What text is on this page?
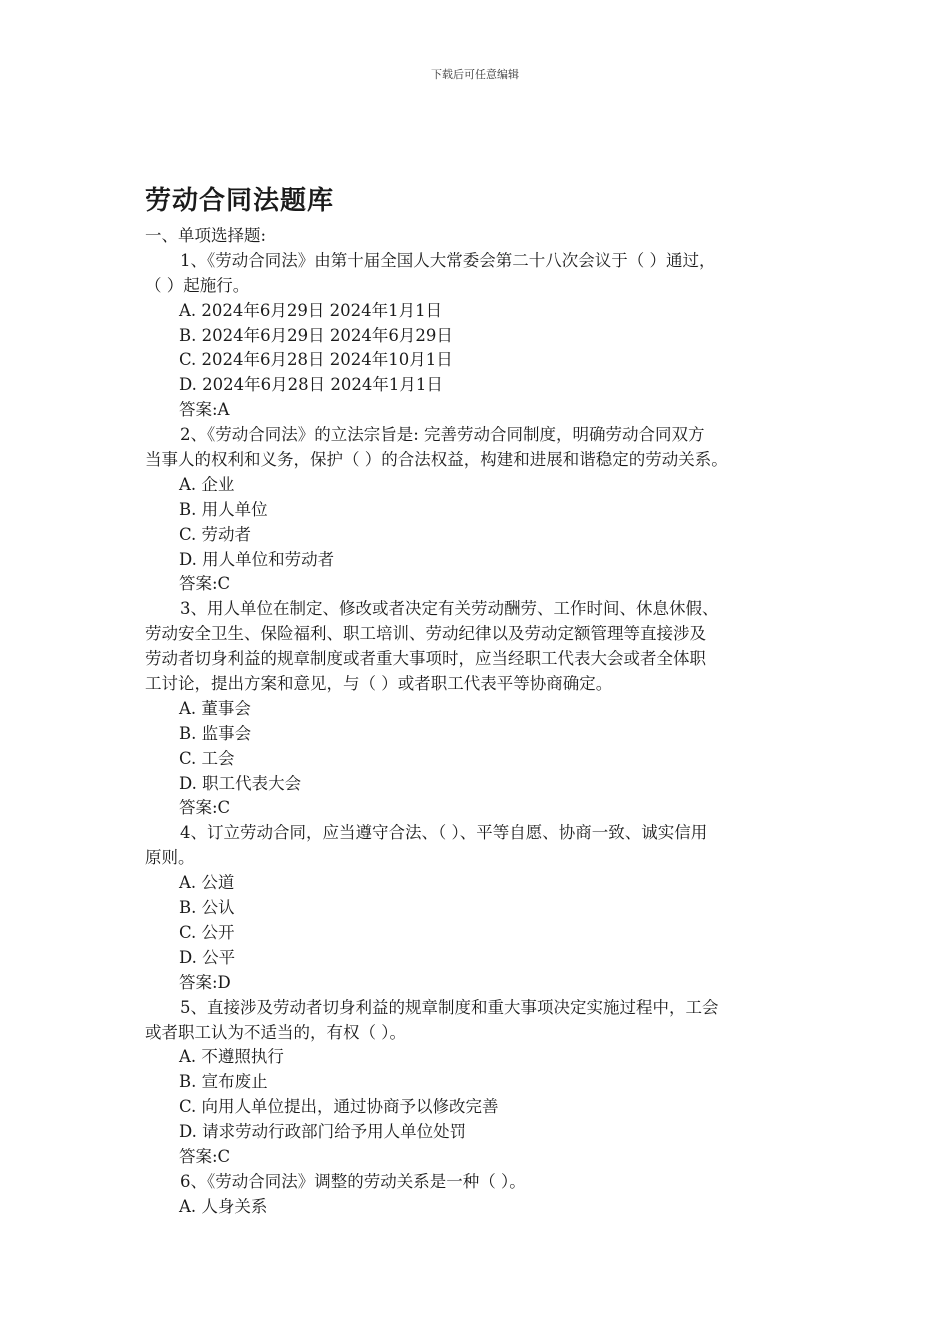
下载后可任意编辑
劳动合同法题库
一、单项选择题:
1、《劳动合同法》由第十届全国人大常委会第二十八次会议于（ ）通过，
（ ）起施行。
A. 2024年6月29日 2024年1月1日
B. 2024年6月29日 2024年6月29日
C. 2024年6月28日 2024年10月1日
D. 2024年6月28日 2024年1月1日
答案:A
2、《劳动合同法》的立法宗旨是: 完善劳动合同制度，明确劳动合同双方
当事人的权利和义务，保护（ ）的合法权益，构建和进展和谐稳定的劳动关系。
A. 企业
B. 用人单位
C. 劳动者
D. 用人单位和劳动者
答案:C
3、用人单位在制定、修改或者决定有关劳动酬劳、工作时间、休息休假、
劳动安全卫生、保险福利、职工培训、劳动纪律以及劳动定额管理等直接涉及
劳动者切身利益的规章制度或者重大事项时，应当经职工代表大会或者全体职
工讨论，提出方案和意见，与（ ）或者职工代表平等协商确定。
A. 董事会
B. 监事会
C. 工会
D. 职工代表大会
答案:C
4、订立劳动合同，应当遵守合法、（ ）、平等自愿、协商一致、诚实信用
原则。
A. 公道
B. 公认
C. 公开
D. 公平
答案:D
5、直接涉及劳动者切身利益的规章制度和重大事项决定实施过程中，工会
或者职工认为不适当的，有权（ ）。
A. 不遵照执行
B. 宣布废止
C. 向用人单位提出，通过协商予以修改完善
D. 请求劳动行政部门给予用人单位处罚
答案:C
6、《劳动合同法》调整的劳动关系是一种（ ）。
A. 人身关系
